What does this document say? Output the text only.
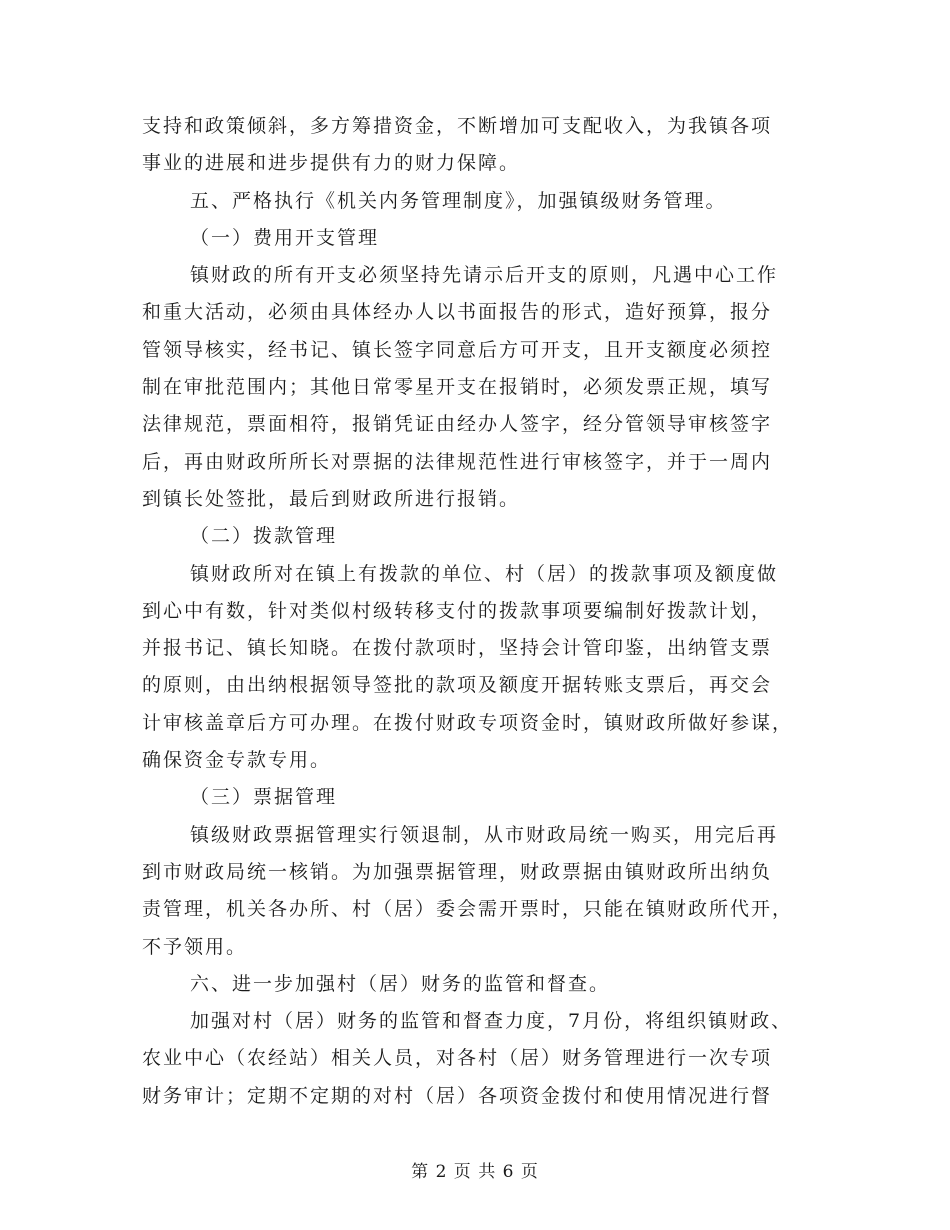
支持和政策倾斜，多方筹措资金，不断增加可支配收入，为我镇各项
事业的进展和进步提供有力的财力保障。
五、严格执行《机关内务管理制度》，加强镇级财务管理。
（一）费用开支管理
镇财政的所有开支必须坚持先请示后开支的原则，凡遇中心工作
和重大活动，必须由具体经办人以书面报告的形式，造好预算，报分
管领导核实，经书记、镇长签字同意后方可开支，且开支额度必须控
制在审批范围内；其他日常零星开支在报销时，必须发票正规，填写
法律规范，票面相符，报销凭证由经办人签字，经分管领导审核签字
后，再由财政所所长对票据的法律规范性进行审核签字，并于一周内
到镇长处签批，最后到财政所进行报销。
（二）拨款管理
镇财政所对在镇上有拨款的单位、村（居）的拨款事项及额度做
到心中有数，针对类似村级转移支付的拨款事项要编制好拨款计划，
并报书记、镇长知晓。在拨付款项时，坚持会计管印鉴，出纳管支票
的原则，由出纳根据领导签批的款项及额度开据转账支票后，再交会
计审核盖章后方可办理。在拨付财政专项资金时，镇财政所做好参谋，
确保资金专款专用。
（三）票据管理
镇级财政票据管理实行领退制，从市财政局统一购买，用完后再
到市财政局统一核销。为加强票据管理，财政票据由镇财政所出纳负
责管理，机关各办所、村（居）委会需开票时，只能在镇财政所代开，
不予领用。
六、进一步加强村（居）财务的监管和督查。
加强对村（居）财务的监管和督查力度，7月份，将组织镇财政、
农业中心（农经站）相关人员，对各村（居）财务管理进行一次专项
财务审计；定期不定期的对村（居）各项资金拨付和使用情况进行督
第 2 页 共 6 页
